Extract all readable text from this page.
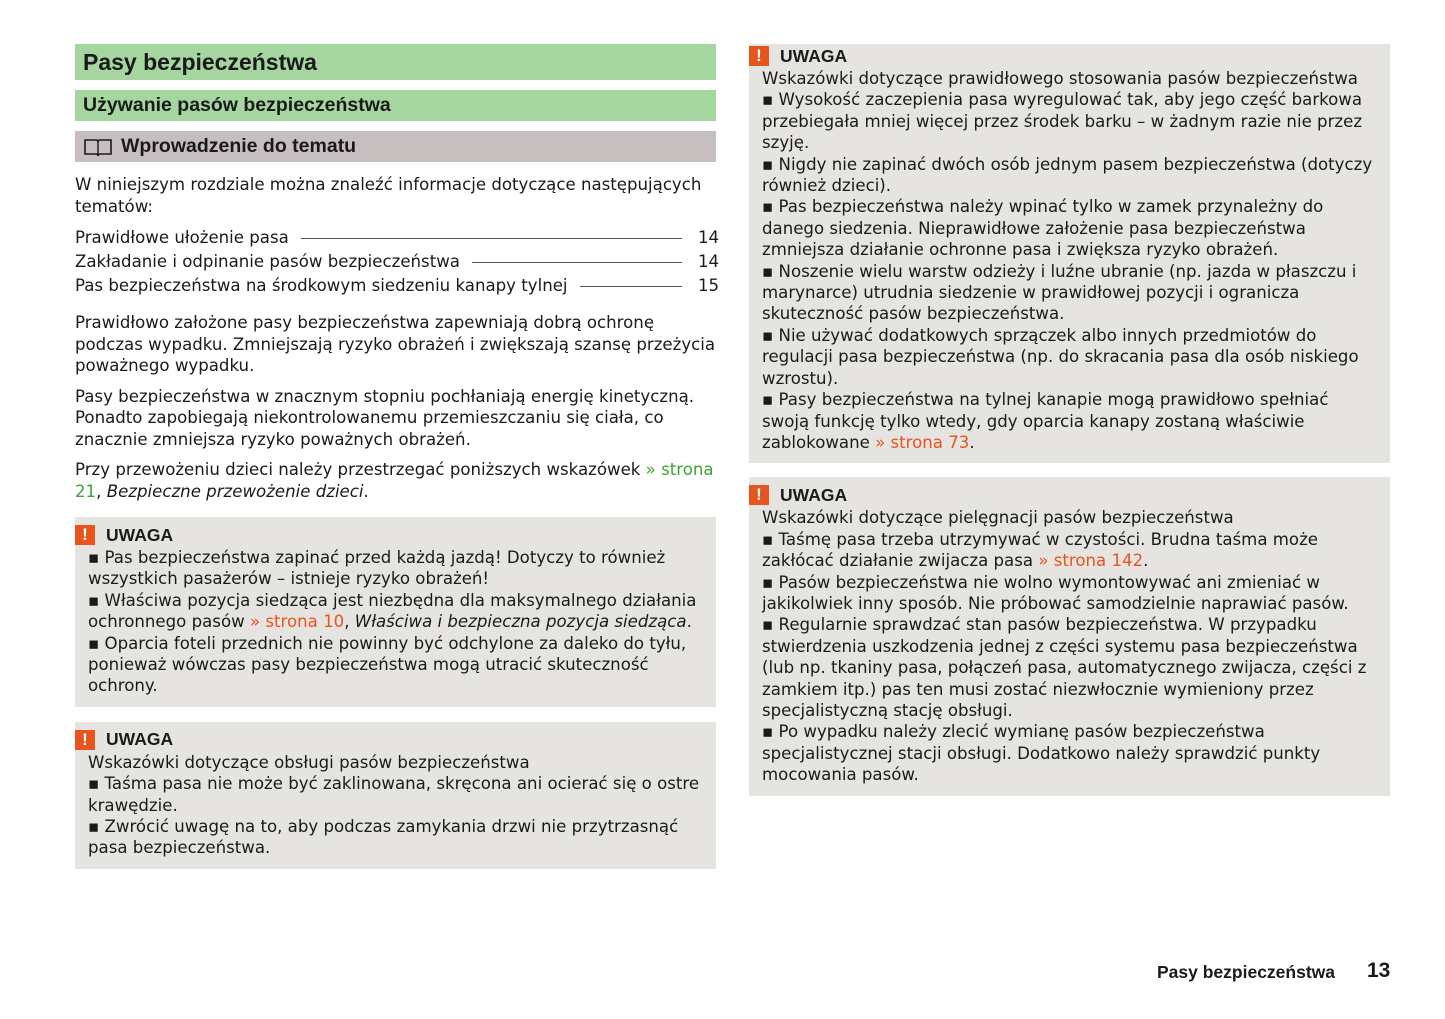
Pasy bezpieczeństwa
Używanie pasów bezpieczeństwa
Wprowadzenie do tematu

W niniejszym rozdziale można znaleźć informacje dotyczące następujących tematów:

Prawidłowe ułożenie pasa	14
Zakładanie i odpinanie pasów bezpieczeństwa	14
Pas bezpieczeństwa na środkowym siedzeniu kanapy tylnej	15

Prawidłowo założone pasy bezpieczeństwa zapewniają dobrą ochronę podczas wypadku. Zmniejszają ryzyko obrażeń i zwiększają szansę przeżycia poważnego wypadku.

Pasy bezpieczeństwa w znacznym stopniu pochłaniają energię kinetyczną. Ponadto zapobiegają niekontrolowanemu przemieszczaniu się ciała, co znacznie zmniejsza ryzyko poważnych obrażeń.

Przy przewożeniu dzieci należy przestrzegać poniższych wskazówek » strona 21, Bezpieczne przewożenie dzieci.

!	UWAGA

▪ Pas bezpieczeństwa zapinać przed każdą jazdą! Dotyczy to również wszystkich pasażerów – istnieje ryzyko obrażeń!

▪ Właściwa pozycja siedząca jest niezbędna dla maksymalnego działania ochronnego pasów » strona 10, Właściwa i bezpieczna pozycja siedząca.

▪ Oparcia foteli przednich nie powinny być odchylone za daleko do tyłu, ponieważ wówczas pasy bezpieczeństwa mogą utracić skuteczność ochrony.

!	UWAGA

Wskazówki dotyczące obsługi pasów bezpieczeństwa

▪ Taśma pasa nie może być zaklinowana, skręcona ani ocierać się o ostre krawędzie.

▪ Zwrócić uwagę na to, aby podczas zamykania drzwi nie przytrzasnąć pasa bezpieczeństwa.

!	UWAGA

Wskazówki dotyczące prawidłowego stosowania pasów bezpieczeństwa

▪ Wysokość zaczepienia pasa wyregulować tak, aby jego część barkowa przebiegała mniej więcej przez środek barku – w żadnym razie nie przez szyję.

▪ Nigdy nie zapinać dwóch osób jednym pasem bezpieczeństwa (dotyczy również dzieci).

▪ Pas bezpieczeństwa należy wpinać tylko w zamek przynależny do danego siedzenia. Nieprawidłowe założenie pasa bezpieczeństwa zmniejsza działanie ochronne pasa i zwiększa ryzyko obrażeń.

▪ Noszenie wielu warstw odzieży i luźne ubranie (np. jazda w płaszczu i marynarce) utrudnia siedzenie w prawidłowej pozycji i ogranicza skuteczność pasów bezpieczeństwa.

▪ Nie używać dodatkowych sprzączek albo innych przedmiotów do regulacji pasa bezpieczeństwa (np. do skracania pasa dla osób niskiego wzrostu).

▪ Pasy bezpieczeństwa na tylnej kanapie mogą prawidłowo spełniać swoją funkcję tylko wtedy, gdy oparcia kanapy zostaną właściwie zablokowane » strona 73.

!	UWAGA

Wskazówki dotyczące pielęgnacji pasów bezpieczeństwa

▪ Taśmę pasa trzeba utrzymywać w czystości. Brudna taśma może zakłócać działanie zwijacza pasa » strona 142.

▪ Pasów bezpieczeństwa nie wolno wymontowywać ani zmieniać w jakikolwiek inny sposób. Nie próbować samodzielnie naprawiać pasów.

▪ Regularnie sprawdzać stan pasów bezpieczeństwa. W przypadku stwierdzenia uszkodzenia jednej z części systemu pasa bezpieczeństwa (lub np. tkaniny pasa, połączeń pasa, automatycznego zwijacza, części z zamkiem itp.) pas ten musi zostać niezwłocznie wymieniony przez specjalistyczną stację obsługi.

▪ Po wypadku należy zlecić wymianę pasów bezpieczeństwa specjalistycznej stacji obsługi. Dodatkowo należy sprawdzić punkty mocowania pasów.

Pasy bezpieczeństwa 13
